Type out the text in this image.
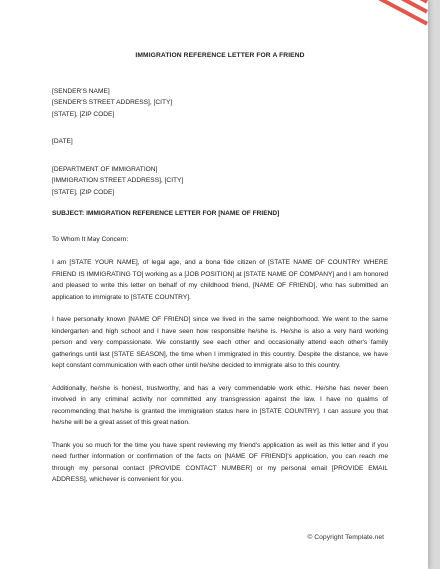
IMMIGRATION REFERENCE LETTER FOR A FRIEND
[SENDER'S NAME]
[SENDER'S STREET ADDRESS], [CITY]
[STATE], [ZIP CODE]
[DATE]
[DEPARTMENT OF IMMIGRATION]
[IMMIGRATION STREET ADDRESS], [CITY]
[STATE], [ZIP CODE]
SUBJECT: IMMIGRATION REFERENCE LETTER FOR [NAME OF FRIEND]

To Whom It May Concern:

I am [STATE YOUR NAME], of legal age, and a bona fide citizen of [STATE NAME OF COUNTRY WHERE FRIEND IS IMMIGRATING TO] working as a [JOB POSITION] at [STATE NAME OF COMPANY] and I am honored and pleased to write this letter on behalf of my childhood friend, [NAME OF FRIEND], who has submitted an application to immigrate to [STATE COUNTRY].

I have personally known [NAME OF FRIEND] since we lived in the same neighborhood. We went to the same kindergarten and high school and I have seen how responsible he/she is. He/she is also a very hard working person and very compassionate. We constantly see each other and occasionally attend each other's family gatherings until last [STATE SEASON], the time when I immigrated in this country. Despite the distance, we have kept constant communication with each other until he/she decided to immigrate also to this country.

Additionally, he/she is honest, trustworthy, and has a very commendable work ethic. He/she has never been involved in any criminal activity nor committed any transgression against the law. I have no qualms of recommending that he/she is granted the immigration status here in [STATE COUNTRY]. I can assure you that he/she will be a great asset of this great nation.

Thank you so much for the time you have spent reviewing my friend's application as well as this letter and if you need further information or confirmation of the facts on [NAME OF FRIEND]'s application, you can reach me through my personal contact [PROVIDE CONTACT NUMBER] or my personal email [PROVIDE EMAIL ADDRESS], whichever is convenient for you.

© Copyright Template.net
